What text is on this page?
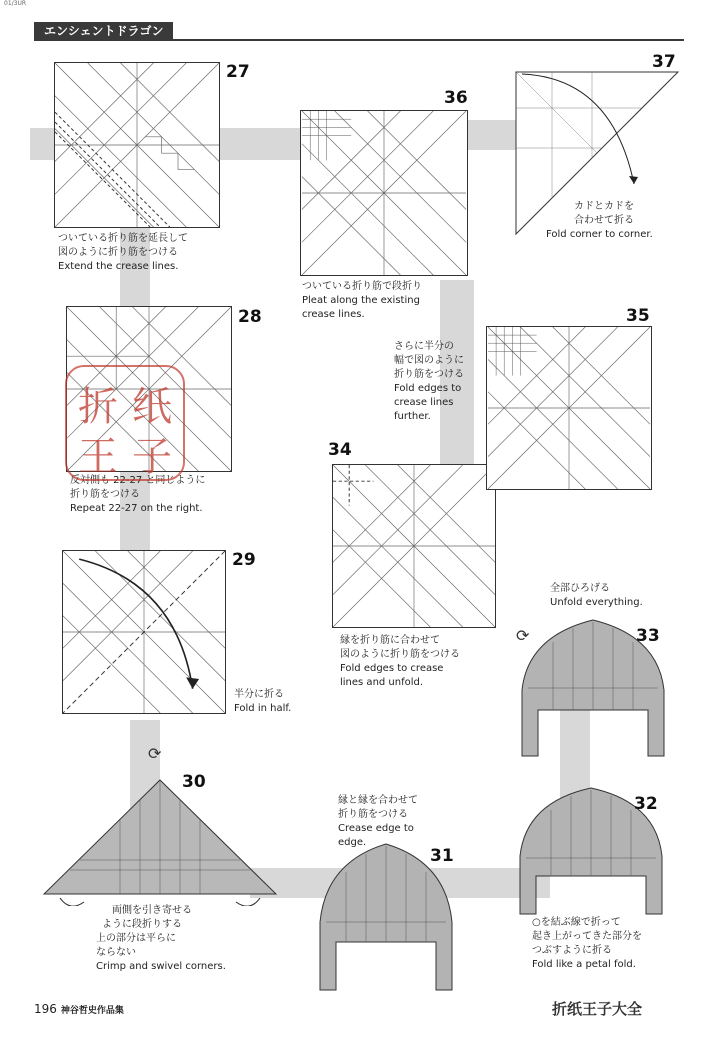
01/3UR
エンシェントドラゴン
27
ついている折り筋を延長して
図のように折り筋をつける
Extend the crease lines.
28
反対側も 22-27 と同じように
折り筋をつける
Repeat 22-27 on the right.
折 纸
王 子
29
半分に折る
Fold in half.
⟳
30
両側を引き寄せる
ように段折りする
上の部分は平らに
ならない
Crimp and swivel corners.
31
縁と縁を合わせて
折り筋をつける
Crease edge to
edge.
32
○を結ぶ線で折って
起き上がってきた部分を
つぶすように折る
Fold like a petal fold.
33
全部ひろげる
Unfold everything.
⟳
34
縁を折り筋に合わせて
図のように折り筋をつける
Fold edges to crease
lines and unfold.
35
さらに半分の
幅で図のように
折り筋をつける
Fold edges to
crease lines
further.
36
ついている折り筋で段折り
Pleat along the existing
crease lines.
37
カドとカドを
合わせて折る
Fold corner to corner.
196 神谷哲史作品集	折纸王子大全
